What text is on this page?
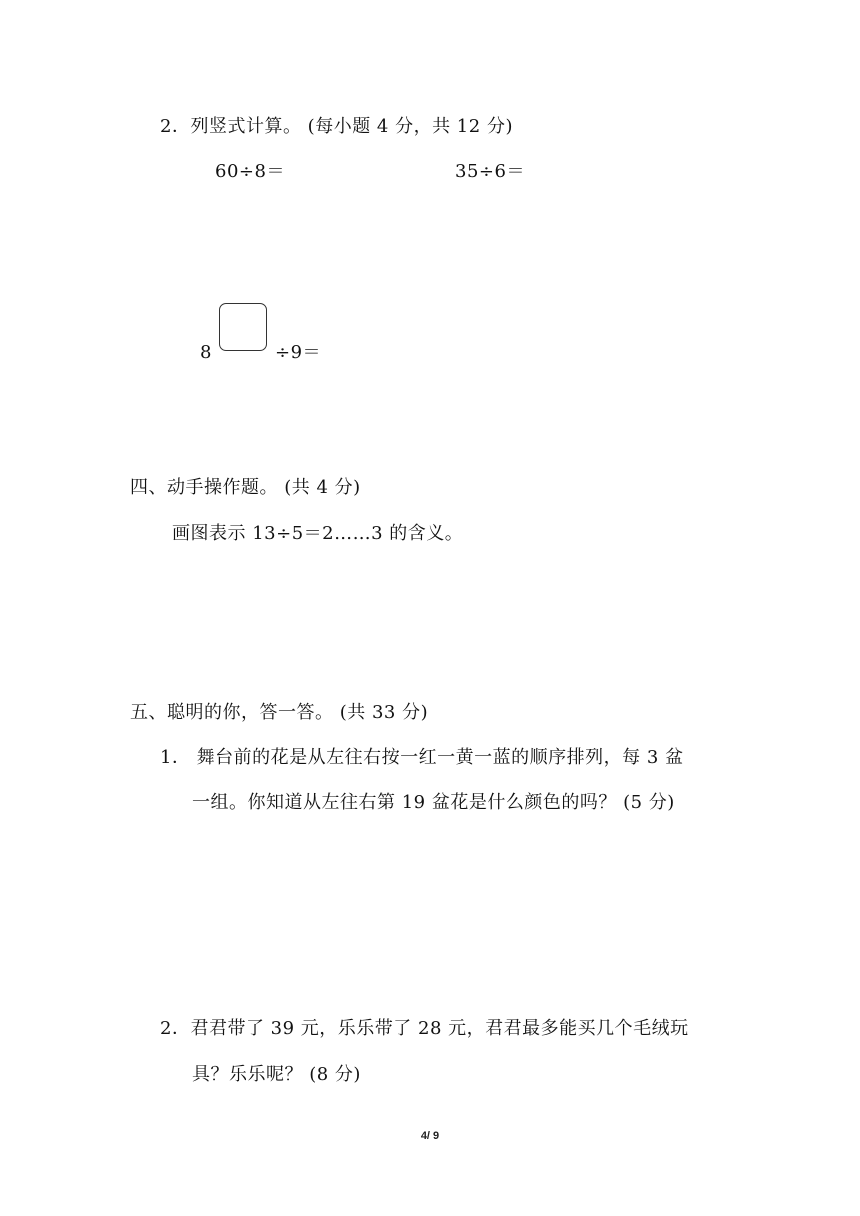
2．列竖式计算。 (每小题 4 分，共 12 分)
60÷8＝	35÷6＝
8	÷9＝
四、动手操作题。 (共 4 分)
画图表示 13÷5＝2……3 的含义。
五、聪明的你，答一答。 (共 33 分)
1． 舞台前的花是从左往右按一红一黄一蓝的顺序排列，每 3 盆
一组。你知道从左往右第 19 盆花是什么颜色的吗？ (5 分)
2．君君带了 39 元，乐乐带了 28 元，君君最多能买几个毛绒玩
具？乐乐呢？ (8 分)
4/ 9
